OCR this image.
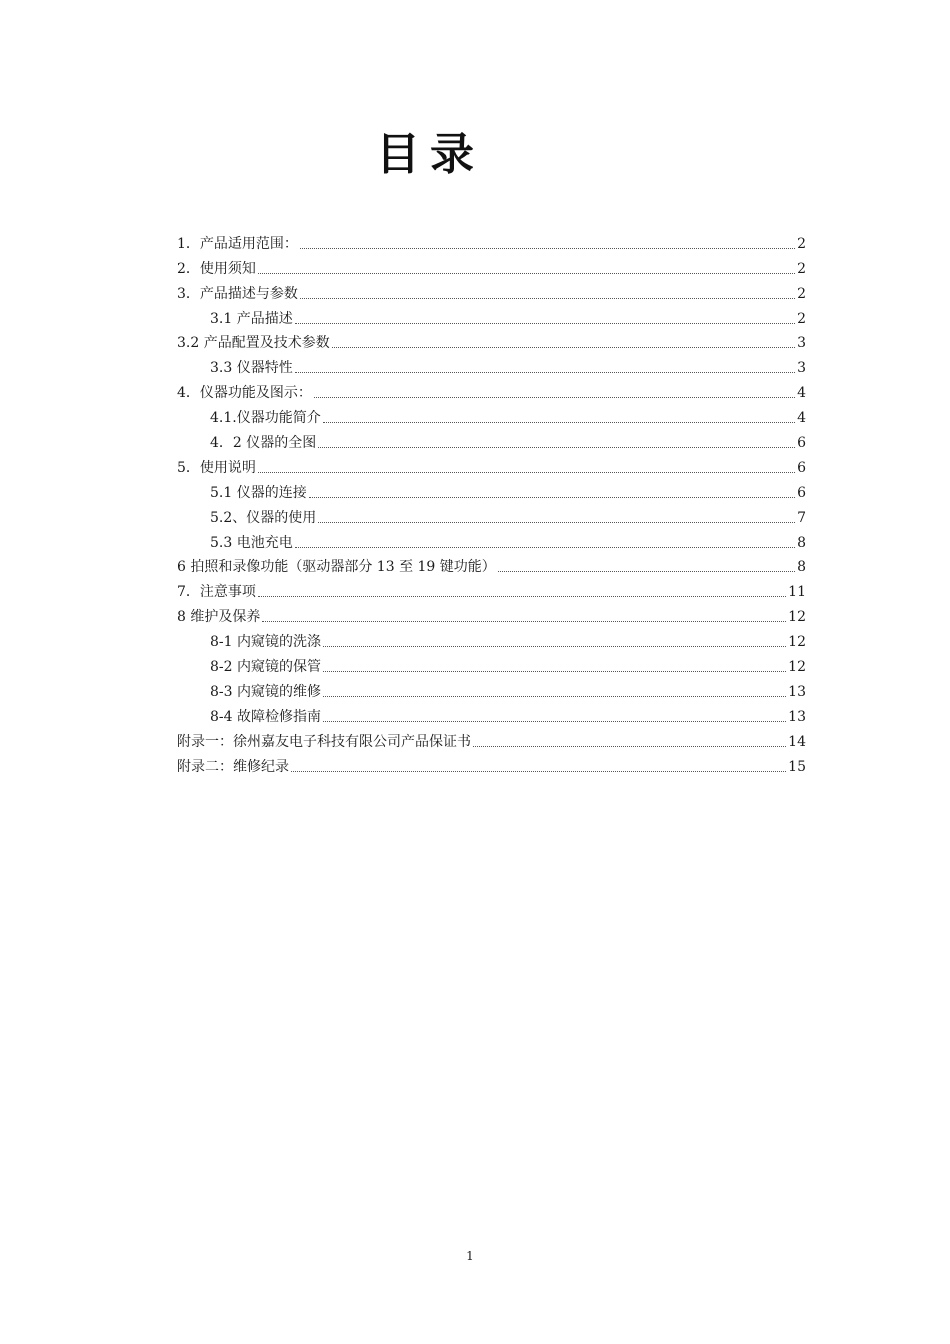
目录
1．产品适用范围：	2
2．使用须知	2
3．产品描述与参数	2
3.1 产品描述	2
3.2 产品配置及技术参数	3
3.3 仪器特性	3
4．仪器功能及图示：	4
4.1.仪器功能简介	4
4．2 仪器的全图	6
5．使用说明	6
5.1 仪器的连接	6
5.2、仪器的使用	7
5.3 电池充电	8
6 拍照和录像功能（驱动器部分 13 至 19 键功能）	8
7．注意事项	11
8 维护及保养	12
8-1 内窥镜的洗涤	12
8-2 内窥镜的保管	12
8-3 内窥镜的维修	13
8-4 故障检修指南	13
附录一：徐州嘉友电子科技有限公司产品保证书	14
附录二：维修纪录	15
1
